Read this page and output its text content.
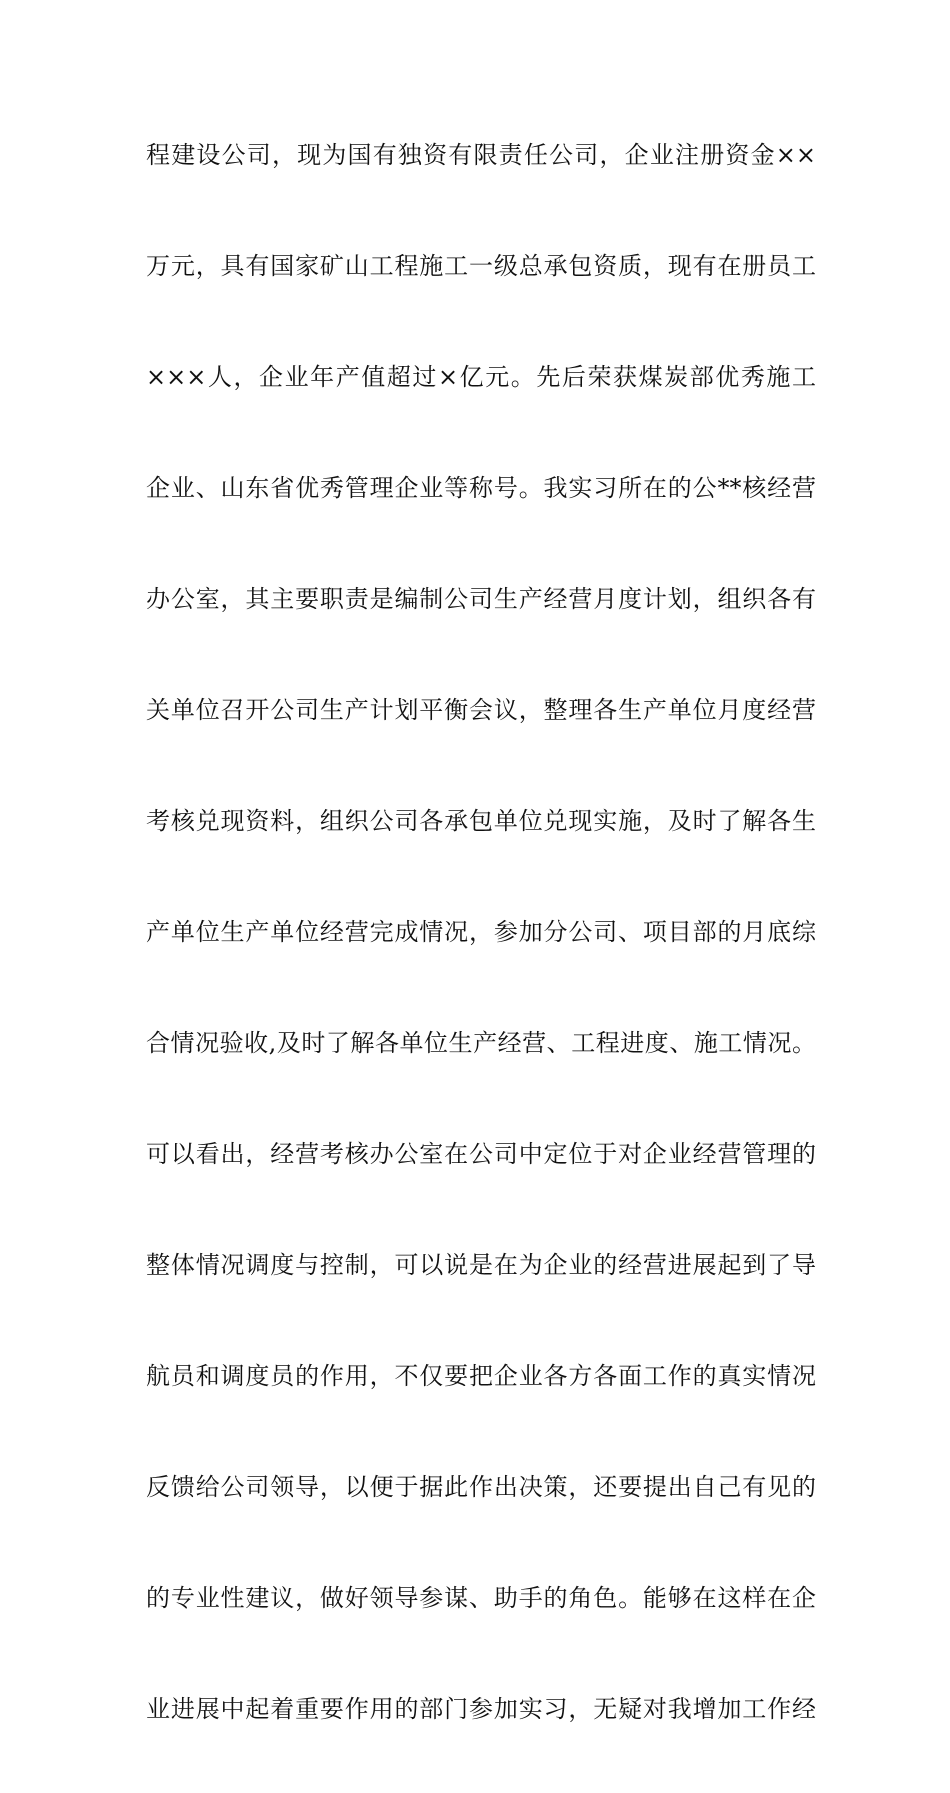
程建设公司，现为国有独资有限责任公司，企业注册资金××
万元，具有国家矿山工程施工一级总承包资质，现有在册员工
×××人，企业年产值超过×亿元。先后荣获煤炭部优秀施工
企业、山东省优秀管理企业等称号。我实习所在的公**核经营
办公室，其主要职责是编制公司生产经营月度计划，组织各有
关单位召开公司生产计划平衡会议，整理各生产单位月度经营
考核兑现资料，组织公司各承包单位兑现实施，及时了解各生
产单位生产单位经营完成情况，参加分公司、项目部的月底综
合情况验收,及时了解各单位生产经营、工程进度、施工情况。
可以看出，经营考核办公室在公司中定位于对企业经营管理的
整体情况调度与控制，可以说是在为企业的经营进展起到了导
航员和调度员的作用，不仅要把企业各方各面工作的真实情况
反馈给公司领导，以便于据此作出决策，还要提出自己有见的
的专业性建议，做好领导参谋、助手的角色。能够在这样在企
业进展中起着重要作用的部门参加实习，无疑对我增加工作经
